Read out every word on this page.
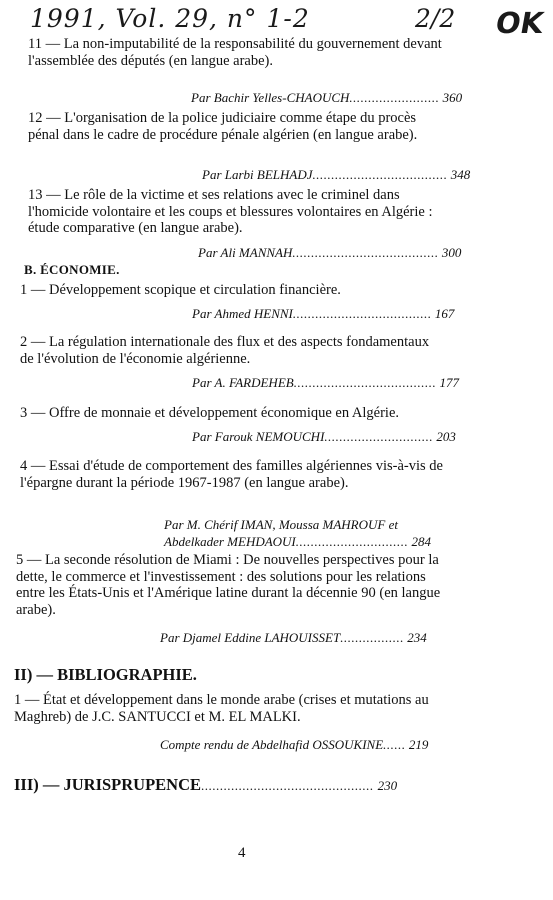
1991, Vol. 29, n° 1-2	2/2 OK
11 — La non-imputabilité de la responsabilité du gouvernement devant l'assemblée des députés (en langue arabe).
Par Bachir Yelles-CHAOUCH........................ 360
12 — L'organisation de la police judiciaire comme étape du procès pénal dans le cadre de procédure pénale algérien (en langue arabe).
Par Larbi BELHADJ.................................... 348
13 — Le rôle de la victime et ses relations avec le criminel dans l'homicide volontaire et les coups et blessures volontaires en Algérie : étude comparative (en langue arabe).
Par Ali MANNAH....................................... 300
B. ÉCONOMIE.
1 — Développement scopique et circulation financière.
Par Ahmed HENNI..................................... 167
2 — La régulation internationale des flux et des aspects fondamentaux de l'évolution de l'économie algérienne.
Par A. FARDEHEB...................................... 177
3 — Offre de monnaie et développement économique en Algérie.
Par Farouk NEMOUCHI............................. 203
4 — Essai d'étude de comportement des familles algériennes vis-à-vis de l'épargne durant la période 1967-1987 (en langue arabe).
Par M. Chérif IMAN, Moussa MAHROUF et
Abdelkader MEHDAOUI.............................. 284
5 — La seconde résolution de Miami : De nouvelles perspectives pour la dette, le commerce et l'investissement : des solutions pour les relations entre les États-Unis et l'Amérique latine durant la décennie 90 (en langue arabe).
Par Djamel Eddine LAHOUISSET................. 234
II) — BIBLIOGRAPHIE.
1 — État et développement dans le monde arabe (crises et mutations au Maghreb) de J.C. SANTUCCI et M. EL MALKI.
Compte rendu de Abdelhafid OSSOUKINE...... 219
III) — JURISPRUPENCE.............................................. 230
4
